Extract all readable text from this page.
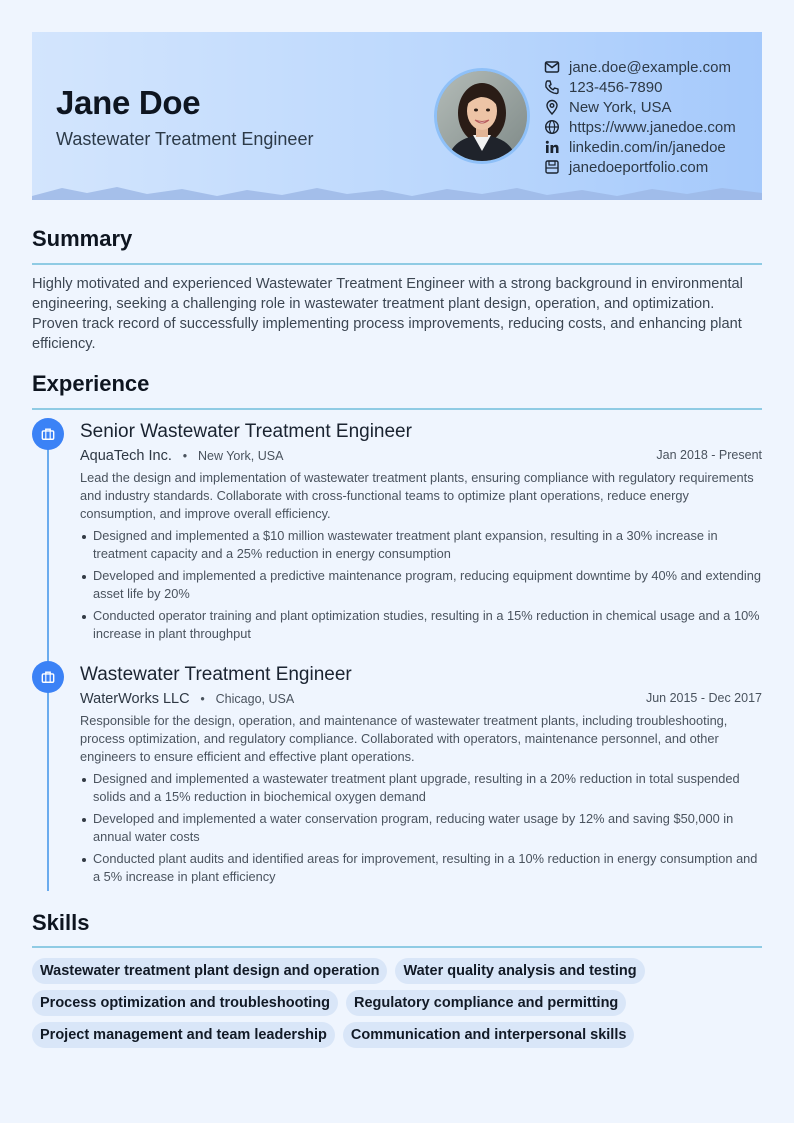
Jane Doe
Wastewater Treatment Engineer
jane.doe@example.com
123-456-7890
New York, USA
https://www.janedoe.com
linkedin.com/in/janedoe
janedoeportfolio.com
Summary
Highly motivated and experienced Wastewater Treatment Engineer with a strong background in environmental engineering, seeking a challenging role in wastewater treatment plant design, operation, and optimization. Proven track record of successfully implementing process improvements, reducing costs, and enhancing plant efficiency.
Experience
Senior Wastewater Treatment Engineer
AquaTech Inc.   •   New York, USA	Jan 2018 - Present
Lead the design and implementation of wastewater treatment plants, ensuring compliance with regulatory requirements and industry standards. Collaborate with cross-functional teams to optimize plant operations, reduce energy consumption, and improve overall efficiency.
Designed and implemented a $10 million wastewater treatment plant expansion, resulting in a 30% increase in treatment capacity and a 25% reduction in energy consumption
Developed and implemented a predictive maintenance program, reducing equipment downtime by 40% and extending asset life by 20%
Conducted operator training and plant optimization studies, resulting in a 15% reduction in chemical usage and a 10% increase in plant throughput
Wastewater Treatment Engineer
WaterWorks LLC   •   Chicago, USA	Jun 2015 - Dec 2017
Responsible for the design, operation, and maintenance of wastewater treatment plants, including troubleshooting, process optimization, and regulatory compliance. Collaborated with operators, maintenance personnel, and other engineers to ensure efficient and effective plant operations.
Designed and implemented a wastewater treatment plant upgrade, resulting in a 20% reduction in total suspended solids and a 15% reduction in biochemical oxygen demand
Developed and implemented a water conservation program, reducing water usage by 12% and saving $50,000 in annual water costs
Conducted plant audits and identified areas for improvement, resulting in a 10% reduction in energy consumption and a 5% increase in plant efficiency
Skills
Wastewater treatment plant design and operation	Water quality analysis and testing
Process optimization and troubleshooting	Regulatory compliance and permitting
Project management and team leadership	Communication and interpersonal skills
